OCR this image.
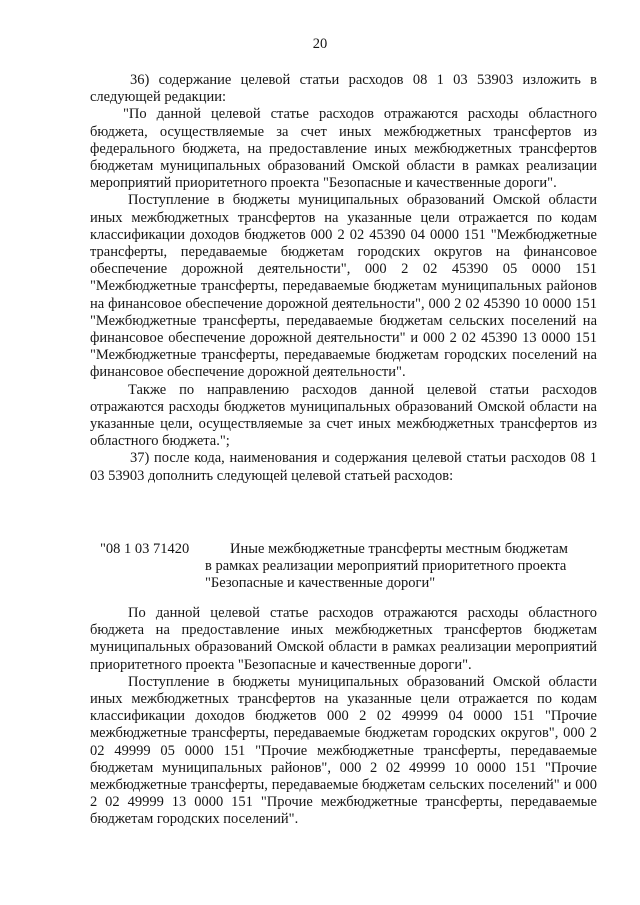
20

36) содержание целевой статьи расходов 08 1 03 53903 изложить в следующей редакции:

"По данной целевой статье расходов отражаются расходы областного бюджета, осуществляемые за счет иных межбюджетных трансфертов из федерального бюджета, на предоставление иных межбюджетных трансфертов бюджетам муниципальных образований Омской области в рамках реализации мероприятий приоритетного проекта "Безопасные и качественные дороги".

Поступление в бюджеты муниципальных образований Омской области иных межбюджетных трансфертов на указанные цели отражается по кодам классификации доходов бюджетов 000 2 02 45390 04 0000 151 "Межбюджетные трансферты, передаваемые бюджетам городских округов на финансовое обеспечение дорожной деятельности", 000 2 02 45390 05 0000 151 "Межбюджетные трансферты, передаваемые бюджетам муниципальных районов на финансовое обеспечение дорожной деятельности", 000 2 02 45390 10 0000 151 "Межбюджетные трансферты, передаваемые бюджетам сельских поселений на финансовое обеспечение дорожной деятельности" и 000 2 02 45390 13 0000 151 "Межбюджетные трансферты, передаваемые бюджетам городских поселений на финансовое обеспечение дорожной деятельности".

Также по направлению расходов данной целевой статьи расходов отражаются расходы бюджетов муниципальных образований Омской области на указанные цели, осуществляемые за счет иных межбюджетных трансфертов из областного бюджета.";

37) после кода, наименования и содержания целевой статьи расходов 08 1 03 53903 дополнить следующей целевой статьей расходов:

"08 1 03 71420	Иные межбюджетные трансферты местным бюджетам
в рамках реализации мероприятий приоритетного проекта
"Безопасные и качественные дороги"

По данной целевой статье расходов отражаются расходы областного бюджета на предоставление иных межбюджетных трансфертов бюджетам муниципальных образований Омской области в рамках реализации мероприятий приоритетного проекта "Безопасные и качественные дороги".

Поступление в бюджеты муниципальных образований Омской области иных межбюджетных трансфертов на указанные цели отражается по кодам классификации доходов бюджетов 000 2 02 49999 04 0000 151 "Прочие межбюджетные трансферты, передаваемые бюджетам городских округов", 000 2 02 49999 05 0000 151 "Прочие межбюджетные трансферты, передаваемые бюджетам муниципальных районов", 000 2 02 49999 10 0000 151 "Прочие межбюджетные трансферты, передаваемые бюджетам сельских поселений" и 000 2 02 49999 13 0000 151 "Прочие межбюджетные трансферты, передаваемые бюджетам городских поселений".
